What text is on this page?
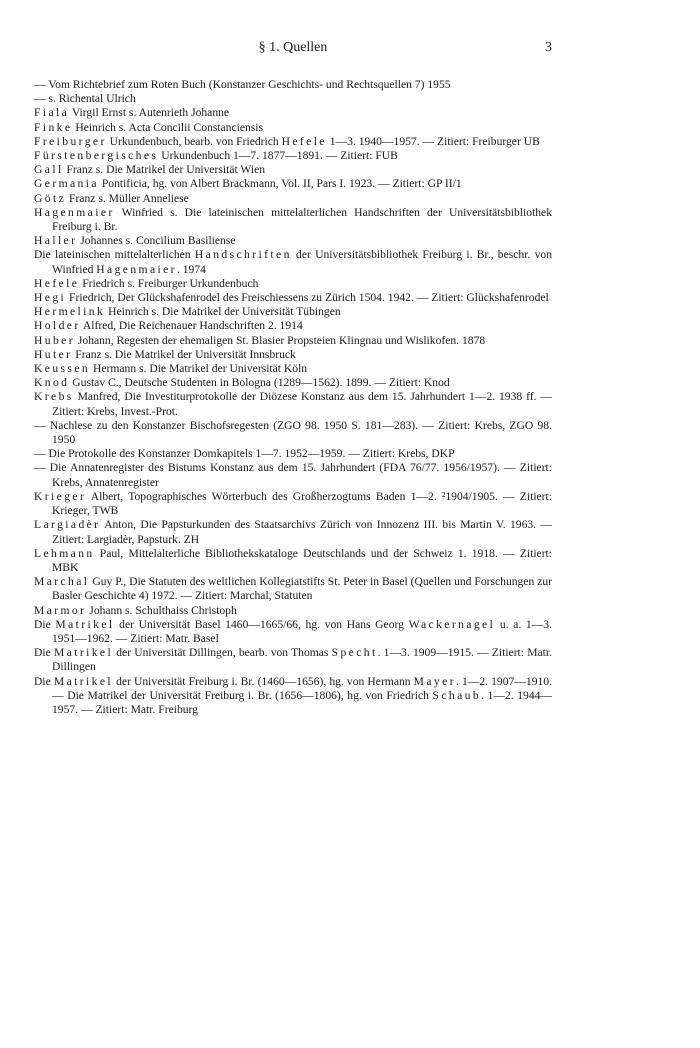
§ 1. Quellen	3

— Vom Richtebrief zum Roten Buch (Konstanzer Geschichts- und Rechtsquellen 7) 1955

— s. Richental Ulrich

Fiala Virgil Ernst s. Autenrieth Johanne

Finke Heinrich s. Acta Concilii Constanciensis

Freiburger Urkundenbuch, bearb. von Friedrich Hefele 1—3. 1940—1957. — Zitiert: Freiburger UB

Fürstenbergisches Urkundenbuch 1—7. 1877—1891. — Zitiert: FUB

Gall Franz s. Die Matrikel der Universität Wien

Germania Pontificia, hg. von Albert Brackmann, Vol. II, Pars I. 1923. — Zitiert: GP II/1

Götz Franz s. Müller Anneliese

Hagenmaier Winfried s. Die lateinischen mittelalterlichen Handschriften der Universitätsbibliothek Freiburg i. Br.

Haller Johannes s. Concilium Basiliense

Die lateinischen mittelalterlichen Handschriften der Universitätsbibliothek Freiburg i. Br., beschr. von Winfried Hagenmaier. 1974

Hefele Friedrich s. Freiburger Urkundenbuch

Hegi Friedrich, Der Glückshafenrodel des Freischiessens zu Zürich 1504. 1942. — Zitiert: Glückshafenrodel

Hermelink Heinrich s. Die Matrikel der Universität Tübingen

Holder Alfred, Die Reichenauer Handschriften 2. 1914

Huber Johann, Regesten der ehemaligen St. Blasier Propsteien Klingnau und Wislikofen. 1878

Huter Franz s. Die Matrikel der Universität Innsbruck

Keussen Hermann s. Die Matrikel der Universität Köln

Knod Gustav C., Deutsche Studenten in Bologna (1289—1562). 1899. — Zitiert: Knod

Krebs Manfred, Die Investiturprotokolle der Diözese Konstanz aus dem 15. Jahrhundert 1—2. 1938 ff. — Zitiert: Krebs, Invest.-Prot.

— Nachlese zu den Konstanzer Bischofsregesten (ZGO 98. 1950 S. 181—283). — Zitiert: Krebs, ZGO 98. 1950

— Die Protokolle des Konstanzer Domkapitels 1—7. 1952—1959. — Zitiert: Krebs, DKP

— Die Annatenregister des Bistums Konstanz aus dem 15. Jahrhundert (FDA 76/77. 1956/1957). — Zitiert: Krebs, Annatenregister

Krieger Albert, Topographisches Wörterbuch des Großherzogtums Baden 1—2. ²1904/1905. — Zitiert: Krieger, TWB

Largiadèr Anton, Die Papsturkunden des Staatsarchivs Zürich von Innozenz III. bis Martin V. 1963. — Zitiert: Largiadèr, Papsturk. ZH

Lehmann Paul, Mittelalterliche Bibliothekskataloge Deutschlands und der Schweiz 1. 1918. — Zitiert: MBK

Marchal Guy P., Die Statuten des weltlichen Kollegiatstifts St. Peter in Basel (Quellen und Forschungen zur Basler Geschichte 4) 1972. — Zitiert: Marchal, Statuten

Marmor Johann s. Schulthaiss Christoph

Die Matrikel der Universität Basel 1460—1665/66, hg. von Hans Georg Wackernagel u. a. 1—3. 1951—1962. — Zitiert: Matr. Basel

Die Matrikel der Universität Dillingen, bearb. von Thomas Specht. 1—3. 1909—1915. — Zitiert: Matr. Dillingen

Die Matrikel der Universität Freiburg i. Br. (1460—1656), hg. von Hermann Mayer. 1—2. 1907—1910. — Die Matrikel der Universität Freiburg i. Br. (1656—1806), hg. von Friedrich Schaub. 1—2. 1944—1957. — Zitiert: Matr. Freiburg
